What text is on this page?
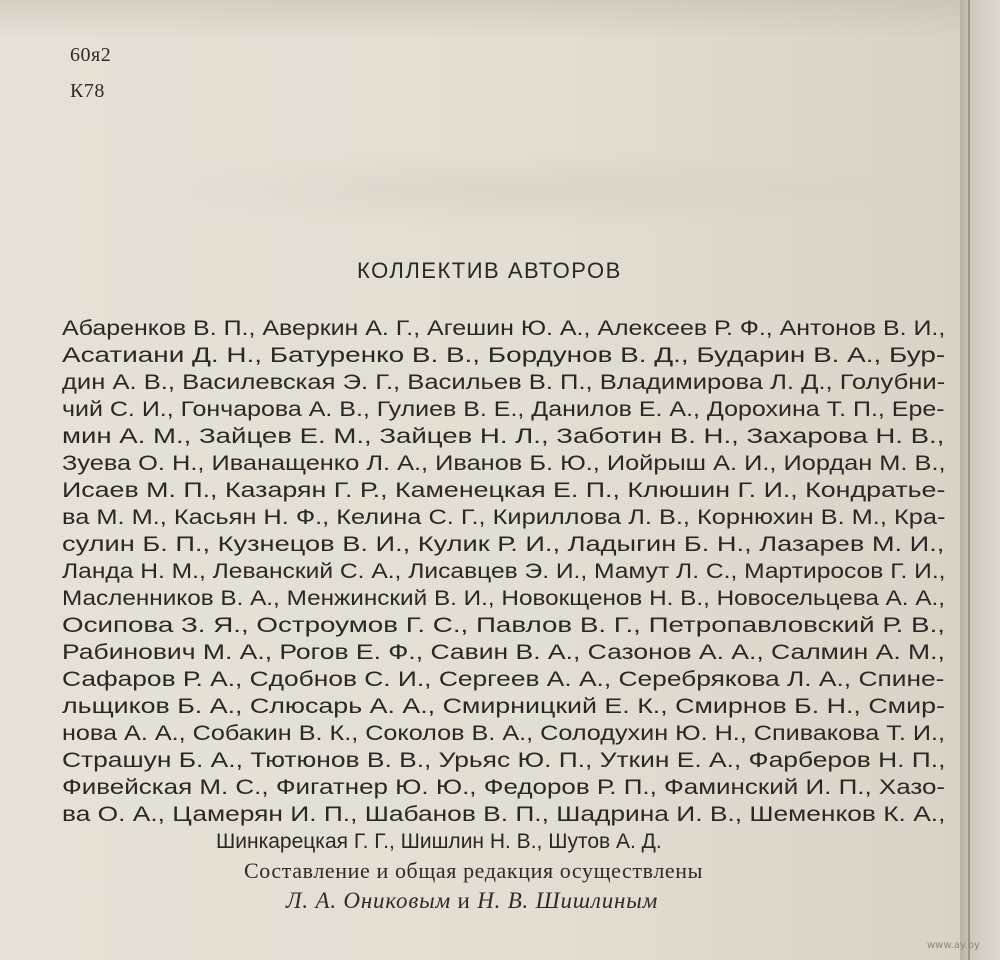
60я2
К78
КОЛЛЕКТИВ АВТОРОВ
Абаренков В. П., Аверкин А. Г., Агешин Ю. А., Алексеев Р. Ф., Антонов В. И.,
Асатиани Д. Н., Батуренко В. В., Бордунов В. Д., Бударин В. А., Бур-
дин А. В., Василевская Э. Г., Васильев В. П., Владимирова Л. Д., Голубни-
чий С. И., Гончарова А. В., Гулиев В. Е., Данилов Е. А., Дорохина Т. П., Ере-
мин А. М., Зайцев Е. М., Зайцев Н. Л., Заботин В. Н., Захарова Н. В.,
Зуева О. Н., Иванащенко Л. А., Иванов Б. Ю., Иойрыш А. И., Иордан М. В.,
Исаев М. П., Казарян Г. Р., Каменецкая Е. П., Клюшин Г. И., Кондратье-
ва М. М., Касьян Н. Ф., Келина С. Г., Кириллова Л. В., Корнюхин В. М., Кра-
сулин Б. П., Кузнецов В. И., Кулик Р. И., Ладыгин Б. Н., Лазарев М. И.,
Ланда Н. М., Леванский С. А., Лисавцев Э. И., Мамут Л. С., Мартиросов Г. И.,
Масленников В. А., Менжинский В. И., Новокщенов Н. В., Новосельцева А. А.,
Осипова З. Я., Остроумов Г. С., Павлов В. Г., Петропавловский Р. В.,
Рабинович М. А., Рогов Е. Ф., Савин В. А., Сазонов А. А., Салмин А. М.,
Сафаров Р. А., Сдобнов С. И., Сергеев А. А., Серебрякова Л. А., Спине-
льщиков Б. А., Слюсарь А. А., Смирницкий Е. К., Смирнов Б. Н., Смир-
нова А. А., Собакин В. К., Соколов В. А., Солодухин Ю. Н., Спивакова Т. И.,
Страшун Б. А., Тютюнов В. В., Урьяс Ю. П., Уткин Е. А., Фарберов Н. П.,
Фивейская М. С., Фигатнер Ю. Ю., Федоров Р. П., Фаминский И. П., Хазо-
ва О. А., Цамерян И. П., Шабанов В. П., Шадрина И. В., Шеменков К. А.,
Шинкарецкая Г. Г., Шишлин Н. В., Шутов А. Д.
Составление и общая редакция осуществлены
Л. А. Ониковым и Н. В. Шишлиным
www.ay.by
